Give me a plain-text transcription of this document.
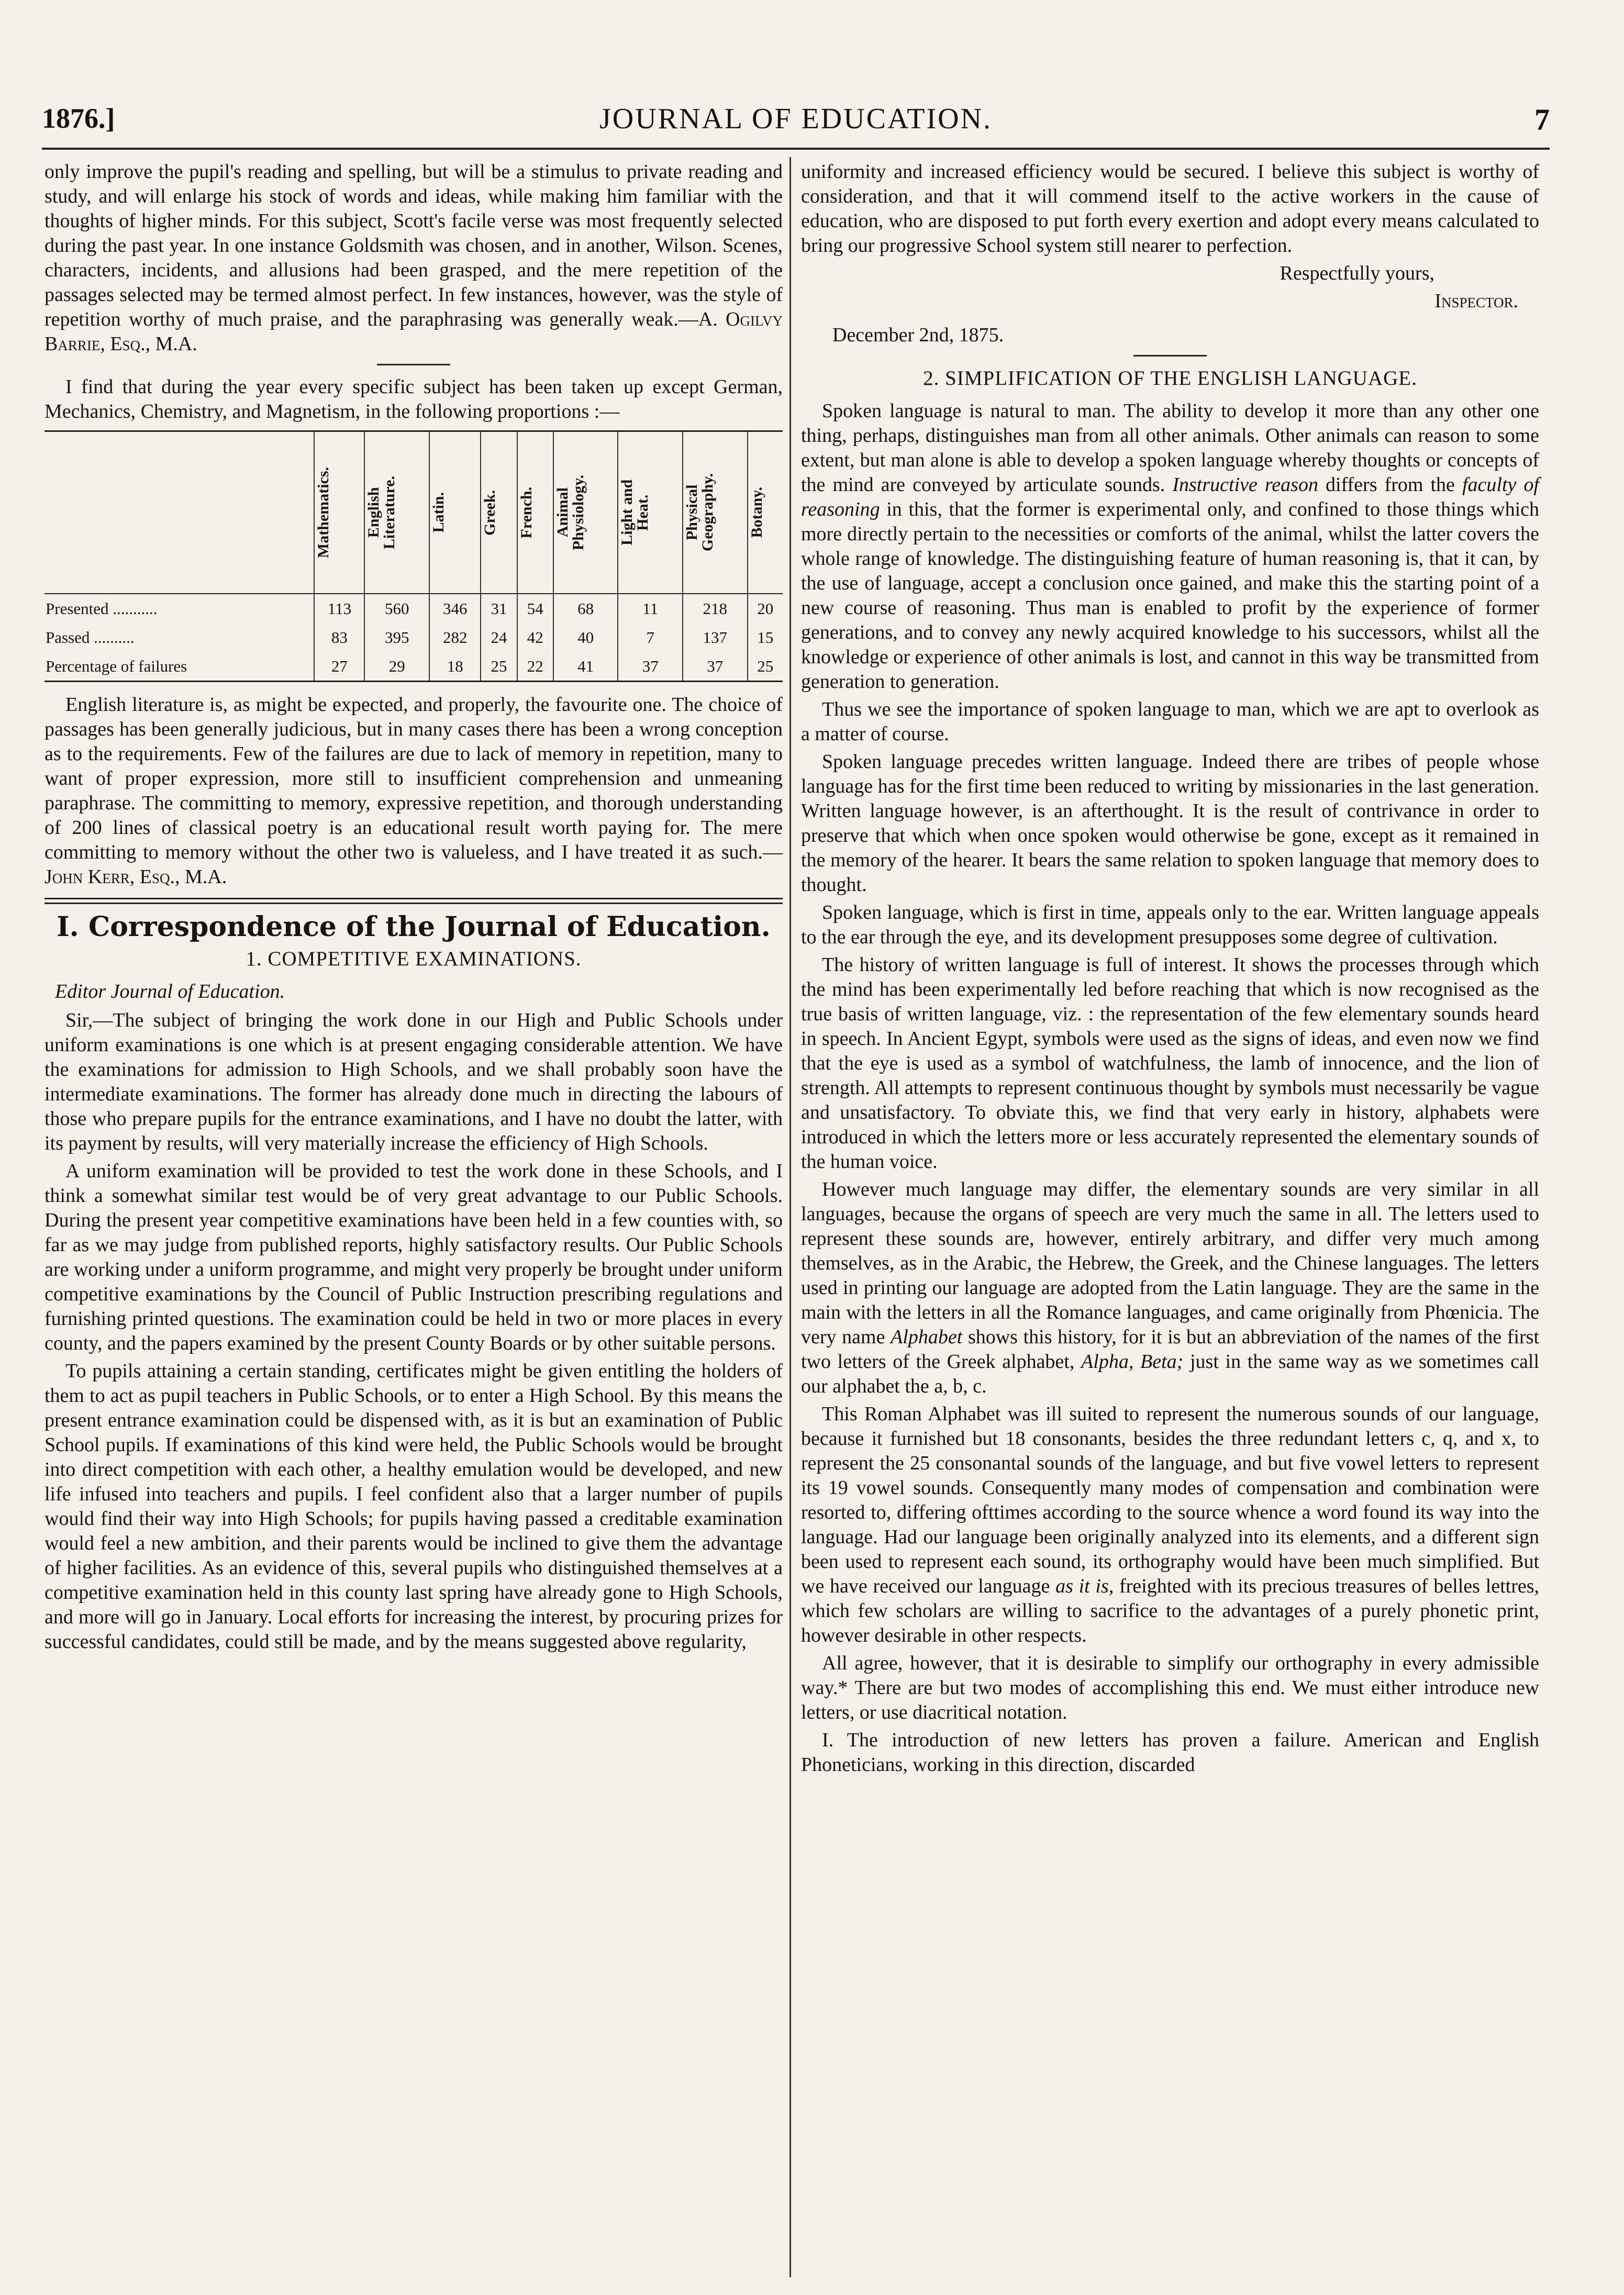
1876.]	JOURNAL OF EDUCATION.	7

only improve the pupil's reading and spelling, but will be a stimulus to private reading and study, and will enlarge his stock of words and ideas, while making him familiar with the thoughts of higher minds. For this subject, Scott's facile verse was most frequently selected during the past year. In one instance Goldsmith was chosen, and in another, Wilson. Scenes, characters, incidents, and allusions had been grasped, and the mere repetition of the passages selected may be termed almost perfect. In few instances, however, was the style of repetition worthy of much praise, and the paraphrasing was generally weak.—A. Ogilvy Barrie, Esq., M.A.

I find that during the year every specific subject has been taken up except German, Mechanics, Chemistry, and Magnetism, in the following proportions :—

	Mathematics.	English
Literature.	Latin.	Greek.	French.	Animal
Physiology.	Light and
Heat.	Physical
Geography.	Botany.

Presented ...........	113	560	346	31	54	68	11	218	20
Passed ..........	83	395	282	24	42	40	7	137	15
Percentage of failures	27	29	18	25	22	41	37	37	25

English literature is, as might be expected, and properly, the favourite one. The choice of passages has been generally judicious, but in many cases there has been a wrong conception as to the requirements. Few of the failures are due to lack of memory in repetition, many to want of proper expression, more still to insufficient comprehension and unmeaning paraphrase. The committing to memory, expressive repetition, and thorough understanding of 200 lines of classical poetry is an educational result worth paying for. The mere committing to memory without the other two is valueless, and I have treated it as such.—John Kerr, Esq., M.A.

I. Correspondence of the Journal of Education.
1. COMPETITIVE EXAMINATIONS.
Editor Journal of Education.

Sir,—The subject of bringing the work done in our High and Public Schools under uniform examinations is one which is at present engaging considerable attention. We have the examinations for admission to High Schools, and we shall probably soon have the intermediate examinations. The former has already done much in directing the labours of those who prepare pupils for the entrance examinations, and I have no doubt the latter, with its payment by results, will very materially increase the efficiency of High Schools.

A uniform examination will be provided to test the work done in these Schools, and I think a somewhat similar test would be of very great advantage to our Public Schools. During the present year competitive examinations have been held in a few counties with, so far as we may judge from published reports, highly satisfactory results. Our Public Schools are working under a uniform programme, and might very properly be brought under uniform competitive examinations by the Council of Public Instruction prescribing regulations and furnishing printed questions. The examination could be held in two or more places in every county, and the papers examined by the present County Boards or by other suitable persons.

To pupils attaining a certain standing, certificates might be given entitling the holders of them to act as pupil teachers in Public Schools, or to enter a High School. By this means the present entrance examination could be dispensed with, as it is but an examination of Public School pupils. If examinations of this kind were held, the Public Schools would be brought into direct competition with each other, a healthy emulation would be developed, and new life infused into teachers and pupils. I feel confident also that a larger number of pupils would find their way into High Schools; for pupils having passed a creditable examination would feel a new ambition, and their parents would be inclined to give them the advantage of higher facilities. As an evidence of this, several pupils who distinguished themselves at a competitive examination held in this county last spring have already gone to High Schools, and more will go in January. Local efforts for increasing the interest, by procuring prizes for successful candidates, could still be made, and by the means suggested above regularity,

uniformity and increased efficiency would be secured. I believe this subject is worthy of consideration, and that it will commend itself to the active workers in the cause of education, who are disposed to put forth every exertion and adopt every means calculated to bring our progressive School system still nearer to perfection.

Respectfully yours,

Inspector.

December 2nd, 1875.

2. SIMPLIFICATION OF THE ENGLISH LANGUAGE.

Spoken language is natural to man. The ability to develop it more than any other one thing, perhaps, distinguishes man from all other animals. Other animals can reason to some extent, but man alone is able to develop a spoken language whereby thoughts or concepts of the mind are conveyed by articulate sounds. Instructive reason differs from the faculty of reasoning in this, that the former is experimental only, and confined to those things which more directly pertain to the necessities or comforts of the animal, whilst the latter covers the whole range of knowledge. The distinguishing feature of human reasoning is, that it can, by the use of language, accept a conclusion once gained, and make this the starting point of a new course of reasoning. Thus man is enabled to profit by the experience of former generations, and to convey any newly acquired knowledge to his successors, whilst all the knowledge or experience of other animals is lost, and cannot in this way be transmitted from generation to generation.

Thus we see the importance of spoken language to man, which we are apt to overlook as a matter of course.

Spoken language precedes written language. Indeed there are tribes of people whose language has for the first time been reduced to writing by missionaries in the last generation. Written language however, is an afterthought. It is the result of contrivance in order to preserve that which when once spoken would otherwise be gone, except as it remained in the memory of the hearer. It bears the same relation to spoken language that memory does to thought.

Spoken language, which is first in time, appeals only to the ear. Written language appeals to the ear through the eye, and its development presupposes some degree of cultivation.

The history of written language is full of interest. It shows the processes through which the mind has been experimentally led before reaching that which is now recognised as the true basis of written language, viz. : the representation of the few elementary sounds heard in speech. In Ancient Egypt, symbols were used as the signs of ideas, and even now we find that the eye is used as a symbol of watchfulness, the lamb of innocence, and the lion of strength. All attempts to represent continuous thought by symbols must necessarily be vague and unsatisfactory. To obviate this, we find that very early in history, alphabets were introduced in which the letters more or less accurately represented the elementary sounds of the human voice.

However much language may differ, the elementary sounds are very similar in all languages, because the organs of speech are very much the same in all. The letters used to represent these sounds are, however, entirely arbitrary, and differ very much among themselves, as in the Arabic, the Hebrew, the Greek, and the Chinese languages. The letters used in printing our language are adopted from the Latin language. They are the same in the main with the letters in all the Romance languages, and came originally from Phœnicia. The very name Alphabet shows this history, for it is but an abbreviation of the names of the first two letters of the Greek alphabet, Alpha, Beta; just in the same way as we sometimes call our alphabet the a, b, c.

This Roman Alphabet was ill suited to represent the numerous sounds of our language, because it furnished but 18 consonants, besides the three redundant letters c, q, and x, to represent the 25 consonantal sounds of the language, and but five vowel letters to represent its 19 vowel sounds. Consequently many modes of compensation and combination were resorted to, differing ofttimes according to the source whence a word found its way into the language. Had our language been originally analyzed into its elements, and a different sign been used to represent each sound, its orthography would have been much simplified. But we have received our language as it is, freighted with its precious treasures of belles lettres, which few scholars are willing to sacrifice to the advantages of a purely phonetic print, however desirable in other respects.

All agree, however, that it is desirable to simplify our orthography in every admissible way.* There are but two modes of accomplishing this end. We must either introduce new letters, or use diacritical notation.

I. The introduction of new letters has proven a failure. American and English Phoneticians, working in this direction, discarded
